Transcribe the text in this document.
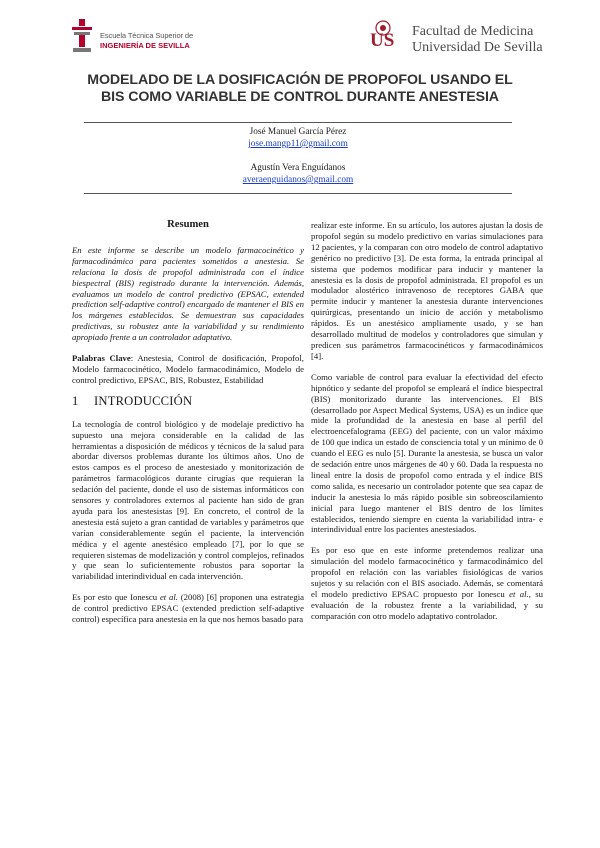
Escuela Técnica Superior de
INGENIERÍA DE SEVILLA	US Facultad de Medicina
Universidad De Sevilla
MODELADO DE LA DOSIFICACIÓN DE PROPOFOL USANDO EL
BIS COMO VARIABLE DE CONTROL DURANTE ANESTESIA
José Manuel García Pérez
jose.mangp11@gmail.com
Agustín Vera Enguídanos
averaenguidanos@gmail.com

Resumen

En este informe se describe un modelo farmacocinético y farmacodinámico para pacientes sometidos a anestesia. Se relaciona la dosis de propofol administrada con el índice biespectral (BIS) registrado durante la intervención. Además, evaluamos un modelo de control predictivo (EPSAC, extended prediction self-adaptive control) encargado de mantener el BIS en los márgenes establecidos. Se demuestran sus capacidades predictivas, su robustez ante la variabilidad y su rendimiento apropiado frente a un controlador adaptativo.

Palabras Clave: Anestesia, Control de dosificación, Propofol, Modelo farmacocinético, Modelo farmacodinámico, Modelo de control predictivo, EPSAC, BIS, Robustez, Estabilidad

1 INTRODUCCIÓN

La tecnología de control biológico y de modelaje predictivo ha supuesto una mejora considerable en la calidad de las herramientas a disposición de médicos y técnicos de la salud para abordar diversos problemas durante los últimos años. Uno de estos campos es el proceso de anestesiado y monitorización de parámetros farmacológicos durante cirugías que requieran la sedación del paciente, donde el uso de sistemas informáticos con sensores y controladores externos al paciente han sido de gran ayuda para los anestesistas [9]. En concreto, el control de la anestesia está sujeto a gran cantidad de variables y parámetros que varían considerablemente según el paciente, la intervención médica y el agente anestésico empleado [7], por lo que se requieren sistemas de modelización y control complejos, refinados y que sean lo suficientemente robustos para soportar la variabilidad interindividual en cada intervención.

Es por esto que Ionescu et al. (2008) [6] proponen una estrategia de control predictivo EPSAC (extended prediction self-adaptive control) específica para anestesia en la que nos hemos basado para

realizar este informe. En su artículo, los autores ajustan la dosis de propofol según su modelo predictivo en varias simulaciones para 12 pacientes, y la comparan con otro modelo de control adaptativo genérico no predictivo [3]. De esta forma, la entrada principal al sistema que podemos modificar para inducir y mantener la anestesia es la dosis de propofol administrada. El propofol es un modulador alostérico intravenoso de receptores GABA que permite inducir y mantener la anestesia durante intervenciones quirúrgicas, presentando un inicio de acción y metabolismo rápidos. Es un anestésico ampliamente usado, y se han desarrollado multitud de modelos y controladores que simulan y predicen sus parámetros farmacocinéticos y farmacodinámicos [4].

Como variable de control para evaluar la efectividad del efecto hipnótico y sedante del propofol se empleará el índice biespectral (BIS) monitorizado durante las intervenciones. El BIS (desarrollado por Aspect Medical Systems, USA) es un índice que mide la profundidad de la anestesia en base al perfil del electroencefalograma (EEG) del paciente, con un valor máximo de 100 que indica un estado de consciencia total y un mínimo de 0 cuando el EEG es nulo [5]. Durante la anestesia, se busca un valor de sedación entre unos márgenes de 40 y 60. Dada la respuesta no lineal entre la dosis de propofol como entrada y el índice BIS como salida, es necesario un controlador potente que sea capaz de inducir la anestesia lo más rápido posible sin sobreoscilamiento inicial para luego mantener el BIS dentro de los límites establecidos, teniendo siempre en cuenta la variabilidad intra- e interindividual entre los pacientes anestesiados.

Es por eso que en este informe pretendemos realizar una simulación del modelo farmacocinético y farmacodinámico del propofol en relación con las variables fisiológicas de varios sujetos y su relación con el BIS asociado. Además, se comentará el modelo predictivo EPSAC propuesto por Ionescu et al., su evaluación de la robustez frente a la variabilidad, y su comparación con otro modelo adaptativo controlador.
